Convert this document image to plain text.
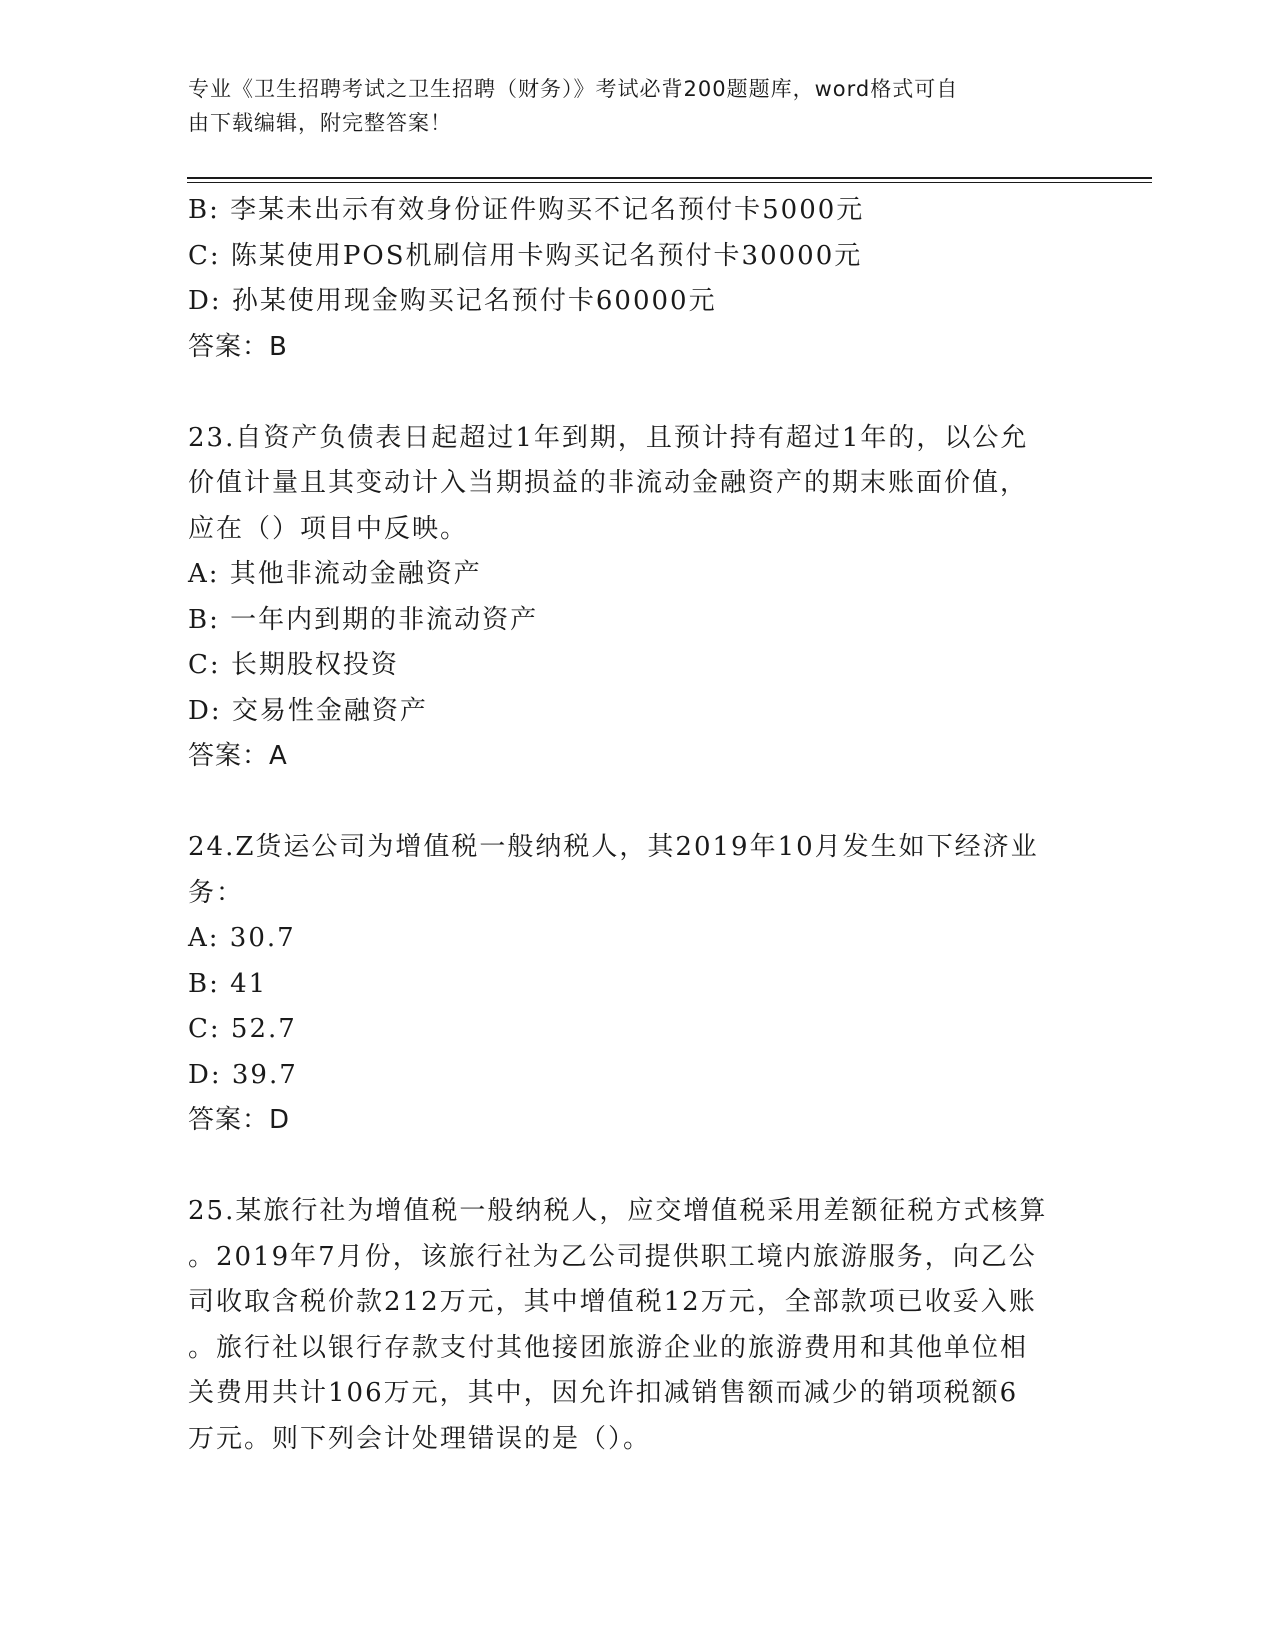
专业《卫生招聘考试之卫生招聘（财务）》考试必背200题题库，word格式可自
由下载编辑，附完整答案！
B: 李某未出示有效身份证件购买不记名预付卡5000元
C: 陈某使用POS机刷信用卡购买记名预付卡30000元
D: 孙某使用现金购买记名预付卡60000元
答案：B
23.自资产负债表日起超过1年到期，且预计持有超过1年的，以公允
价值计量且其变动计入当期损益的非流动金融资产的期末账面价值，
应在（）项目中反映。
A: 其他非流动金融资产
B: 一年内到期的非流动资产
C: 长期股权投资
D: 交易性金融资产
答案：A
24.Z货运公司为增值税一般纳税人，其2019年10月发生如下经济业
务：
A: 30.7
B: 41
C: 52.7
D: 39.7
答案：D
25.某旅行社为增值税一般纳税人，应交增值税采用差额征税方式核算
。2019年7月份，该旅行社为乙公司提供职工境内旅游服务，向乙公
司收取含税价款212万元，其中增值税12万元，全部款项已收妥入账
。旅行社以银行存款支付其他接团旅游企业的旅游费用和其他单位相
关费用共计106万元，其中，因允许扣减销售额而减少的销项税额6
万元。则下列会计处理错误的是（）。
